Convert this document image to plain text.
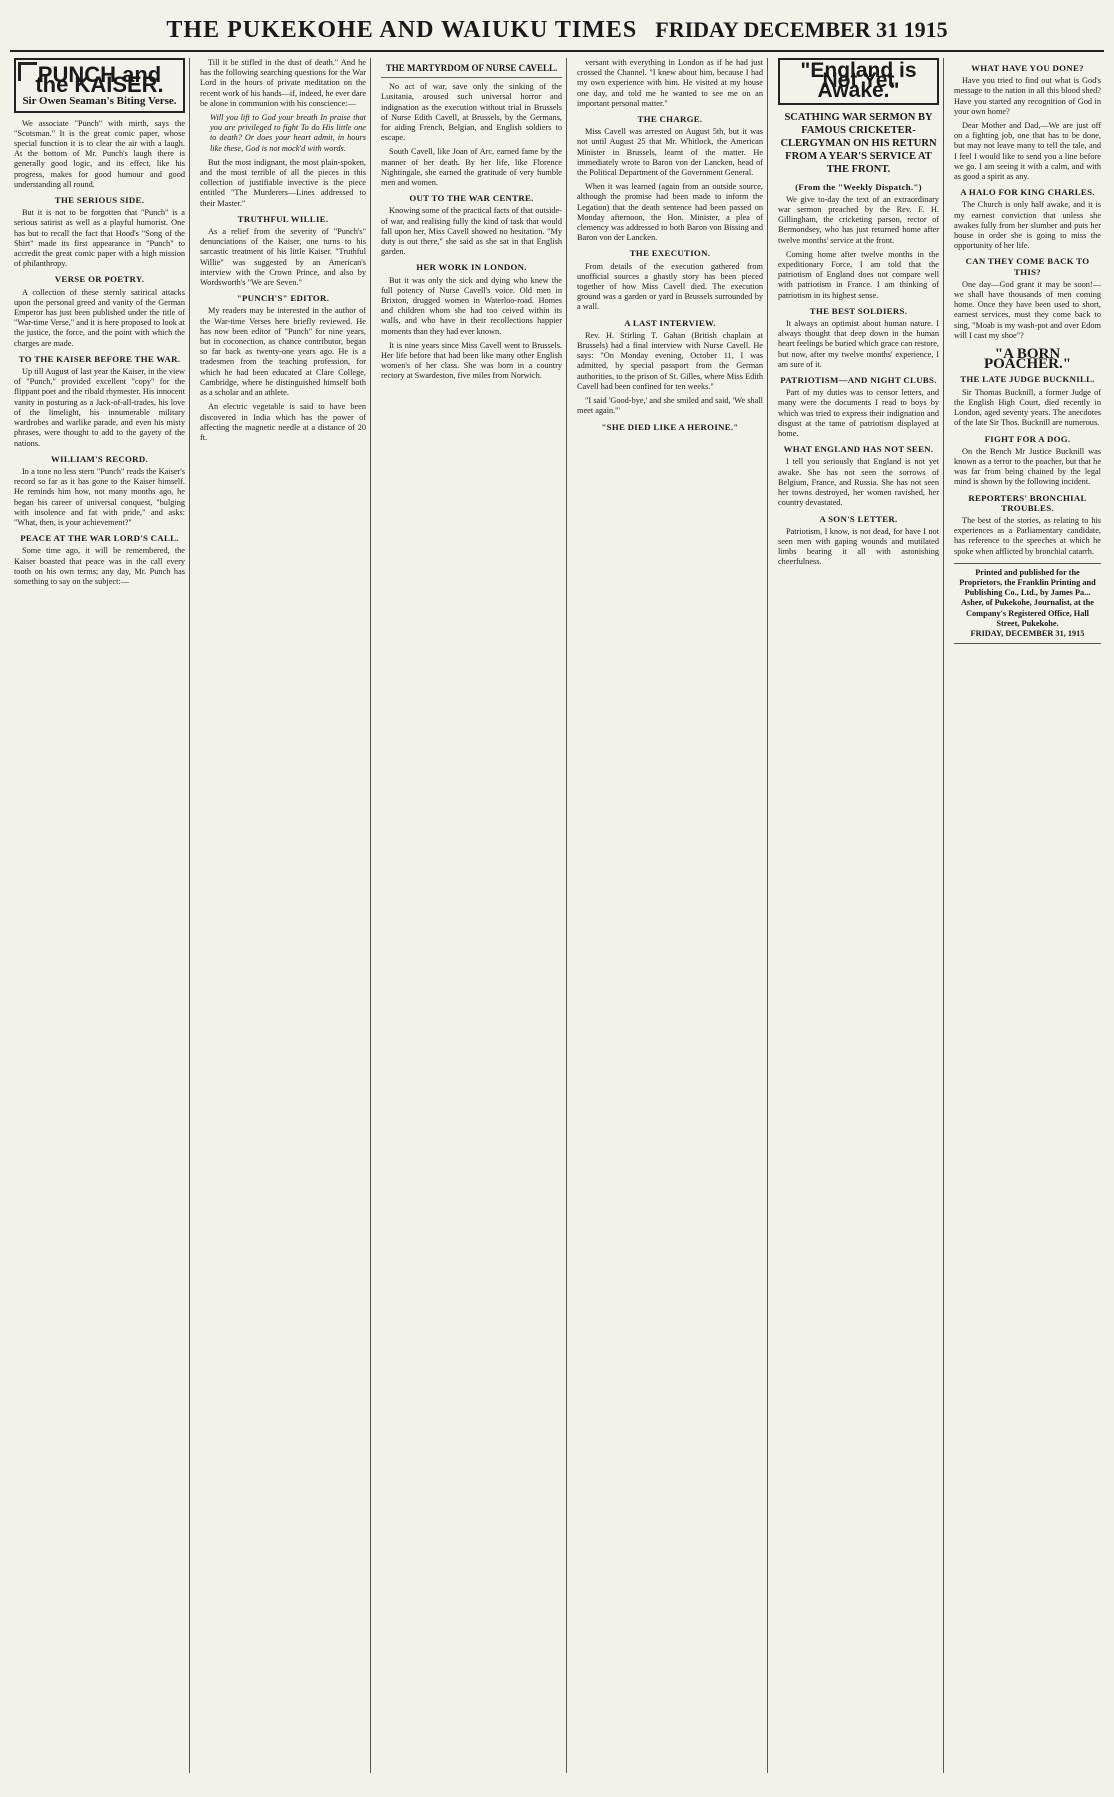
THE PUKEKOHE AND WAIUKU TIMES FRIDAY DECEMBER 31 1915
PUNCH and the KAISER.
Sir Owen Seaman's Biting Verse.

We associate "Punch" with mirth, says the "Scotsman." It is the great comic paper, whose special function it is to clear the air with a laugh. At the bottom of Mr. Punch's laugh there is generally good logic, and its effect, like his progress, makes for good humour and good understanding all round.

THE SERIOUS SIDE.

But it is not to be forgotten that "Punch" is a serious satirist as well as a playful humorist. One has but to recall the fact that Hood's "Song of the Shirt" made its first appearance in "Punch" to accredit the great comic paper with a high mission of philanthropy.

VERSE OR POETRY.

A collection of these sternly satirical attacks upon the personal greed and vanity of the German Emperor has just been published under the title of "War-time Verse," and it is here proposed to look at the justice, the force, and the point with which the charges are made.

TO THE KAISER BEFORE THE WAR.

Up till August of last year the Kaiser, in the view of "Punch," provided excellent "copy" for the flippant poet and the ribald rhymester. His innocent vanity in posturing as a Jack-of-all-trades, his love of the limelight, his innumerable military wardrobes and warlike parade, and even his misty phrases, were thought to add to the gayety of the nations.

WILLIAM'S RECORD.

In a tone no less stern "Punch" reads the Kaiser's record so far as it has gone to the Kaiser himself. He reminds him how, not many months ago, he began his career of universal conquest, "bulging with insolence and fat with pride," and asks: "What, then, is your achievement?"

PEACE AT THE WAR LORD'S CALL.

Some time ago, it will be remembered, the Kaiser boasted that peace was in the call every tooth on his own terms; any day, Mr. Punch has something to say on the subject:—

Till it be stifled in the dust of death." And he has the following searching questions for the War Lord in the hours of private meditation on the recent work of his hands—if, indeed, he ever dare be alone in communion with his conscience:—

Will you lift to God your breath In praise that you are privileged to fight To do His little one to death? Or does your heart admit, in hours like these, God is not mock'd with words.

But the most indignant, the most plain-spoken, and the most terrible of all the pieces in this collection of justifiable invective is the piece entitled "The Murderers—Lines addressed to their Master."

TRUTHFUL WILLIE.

As a relief from the severity of "Punch's" denunciations of the Kaiser, one turns to his sarcastic treatment of his little Kaiser. "Truthful Willie" was suggested by an American's interview with the Crown Prince, and also by Wordsworth's "We are Seven."

"PUNCH'S" EDITOR.

My readers may be interested in the author of the War-time Verses here briefly reviewed. He has now been editor of "Punch" for nine years, but in coconection, as chance contributor, began so far back as twenty-one years ago. He is a tradesmen from the teaching profession, for which he had been educated at Clare College, Cambridge, where he distinguished himself both as a scholar and an athlete.

An electric vegetable is said to have been discovered in India which has the power of affecting the magnetic needle at a distance of 20 ft.

THE MARTYRDOM OF NURSE CAVELL.

No act of war, save only the sinking of the Lusitania, aroused such universal horror and indignation as the execution without trial in Brussels of Nurse Edith Cavell, at Brussels, by the Germans, for aiding French, Belgian, and English soldiers to escape.

South Cavell, like Joan of Arc, earned fame by the manner of her death. By her life, like Florence Nightingale, she earned the gratitude of very humble men and women.

OUT TO THE WAR CENTRE.

Knowing some of the practical facts of that outside-of war, and realising fully the kind of task that would fall upon her, Miss Cavell showed no hesitation. "My duty is out there," she said as she sat in that English garden.

HER WORK IN LONDON.

But it was only the sick and dying who knew the full potency of Nurse Cavell's voice. Old men in Brixton, drugged women in Waterloo-road. Homes and children whom she had too ceived within its walls, and who have in their recollections happier moments than they had ever known.

It is nine years since Miss Cavell went to Brussels. Her life before that had been like many other English women's of her class. She was born in a country rectory at Swardeston, five miles from Norwich.

versant with everything in London as if he had just crossed the Channel. "I knew about him, because I had my own experience with him. He visited at my house one day, and told me he wanted to see me on an important personal matter."

THE CHARGE.

Miss Cavell was arrested on August 5th, but it was not until August 25 that Mr. Whitlock, the American Minister in Brussels, learnt of the matter. He immediately wrote to Baron von der Lancken, head of the Political Department of the Government General.

When it was learned (again from an outside source, although the promise had been made to inform the Legation) that the death sentence had been passed on Monday afternoon, the Hon. Minister, a plea of clemency was addressed to both Baron von Bissing and Baron von der Lancken.

THE EXECUTION.

From details of the execution gathered from unofficial sources a ghastly story has been pieced together of how Miss Cavell died. The execution ground was a garden or yard in Brussels surrounded by a wall.

A LAST INTERVIEW.

Rev. H. Stirling T. Gahan (British chaplain at Brussels) had a final interview with Nurse Cavell. He says: "On Monday evening, October 11, I was admitted, by special passport from the German authorities, to the prison of St. Gilles, where Miss Edith Cavell had been confined for ten weeks."

"I said 'Good-bye,' and she smiled and said, 'We shall meet again.'"

"SHE DIED LIKE A HEROINE."
"England is Not Yet Awake."
SCATHING WAR SERMON BY FAMOUS CRICKETER-CLERGYMAN ON HIS RETURN FROM A YEAR'S SERVICE AT THE FRONT.
(From the "Weekly Dispatch.")

We give to-day the text of an extraordinary war sermon preached by the Rev. F. H. Gillingham, the cricketing parson, rector of Bermondsey, who has just returned home after twelve months' service at the front.

Coming home after twelve months in the expeditionary Force, I am told that the patriotism of England does not compare well with patriotism in France. I am thinking of patriotism in its highest sense.

THE BEST SOLDIERS.

It always an optimist about human nature. I always thought that deep down in the human heart feelings be buried which grace can restore, but now, after my twelve months' experience, I am sure of it.

PATRIOTISM—AND NIGHT CLUBS.

Part of my duties was to censor letters, and many were the documents I read to boys by which was tried to express their indignation and disgust at the tame of patriotism displayed at home.

WHAT ENGLAND HAS NOT SEEN.

I tell you seriously that England is not yet awake. She has not seen the sorrows of Belgium, France, and Russia. She has not seen her towns destroyed, her women ravished, her country devastated.

A SON'S LETTER.

Patriotism, I know, is not dead, for have I not seen men with gaping wounds and mutilated limbs bearing it all with astonishing cheerfulness.

WHAT HAVE YOU DONE?

Have you tried to find out what is God's message to the nation in all this blood shed? Have you started any recognition of God in your own home?

Dear Mother and Dad,—We are just off on a fighting job, one that has to be done, but may not leave many to tell the tale, and I feel I would like to send you a line before we go. I am seeing it with a calm, and with as good a spirit as any.

A HALO FOR KING CHARLES.

The Church is only half awake, and it is my earnest conviction that unless she awakes fully from her slumber and puts her house in order she is going to miss the opportunity of her life.

CAN THEY COME BACK TO THIS?

One day—God grant it may be soon!—we shall have thousands of men coming home. Once they have been used to short, earnest services, must they come back to sing, "Moab is my wash-pot and over Edom will I cast my shoe"?

"A BORN POACHER."
THE LATE JUDGE BUCKNILL.

Sir Thomas Bucknill, a former Judge of the English High Court, died recently in London, aged seventy years. The anecdotes of the late Sir Thos. Bucknill are numerous.

FIGHT FOR A DOG.

On the Bench Mr Justice Bucknill was known as a terror to the poacher, but that he was far from being chained by the legal mind is shown by the following incident.

REPORTERS' BRONCHIAL TROUBLES.

The best of the stories, as relating to his experiences as a Parliamentary candidate, has reference to the speeches at which he spoke when afflicted by bronchial catarrh.

Printed and published for the Proprietors, the Franklin Printing and Publishing Co., Ltd., by James Pa... Asher, of Pukekohe, Journalist, at the Company's Registered Office, Hall Street, Pukekohe.
FRIDAY, DECEMBER 31, 1915
